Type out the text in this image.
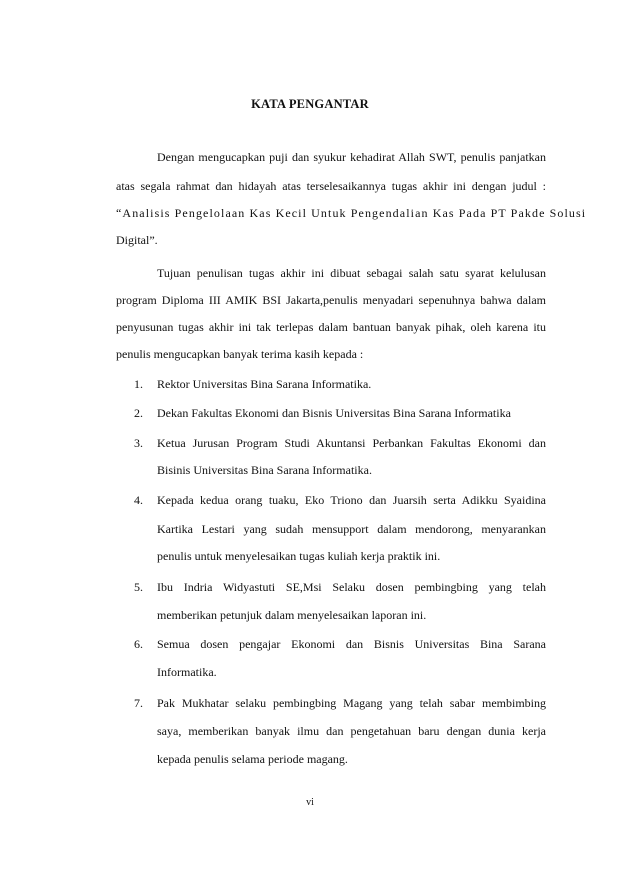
KATA PENGANTAR
Dengan mengucapkan puji dan syukur kehadirat Allah SWT, penulis panjatkan
atas segala rahmat dan hidayah atas terselesaikannya tugas akhir ini dengan judul :
“Analisis Pengelolaan Kas Kecil Untuk Pengendalian Kas Pada PT Pakde Solusi
Digital”.
Tujuan penulisan tugas akhir ini dibuat sebagai salah satu syarat kelulusan
program Diploma III AMIK BSI Jakarta,penulis menyadari sepenuhnya bahwa dalam
penyusunan tugas akhir ini tak terlepas dalam bantuan banyak pihak, oleh karena itu
penulis mengucapkan banyak terima kasih kepada :
1. Rektor Universitas Bina Sarana Informatika.
2. Dekan Fakultas Ekonomi dan Bisnis Universitas Bina Sarana Informatika
3. Ketua Jurusan Program Studi Akuntansi Perbankan Fakultas Ekonomi dan
Bisinis Universitas Bina Sarana Informatika.
4. Kepada kedua orang tuaku, Eko Triono dan Juarsih serta Adikku Syaidina
Kartika Lestari yang sudah mensupport dalam mendorong, menyarankan
penulis untuk menyelesaikan tugas kuliah kerja praktik ini.
5. Ibu Indria Widyastuti SE,Msi Selaku dosen pembingbing yang telah
memberikan petunjuk dalam menyelesaikan laporan ini.
6. Semua dosen pengajar Ekonomi dan Bisnis Universitas Bina Sarana
Informatika.
7. Pak Mukhatar selaku pembingbing Magang yang telah sabar membimbing
saya, memberikan banyak ilmu dan pengetahuan baru dengan dunia kerja
kepada penulis selama periode magang.
vi
